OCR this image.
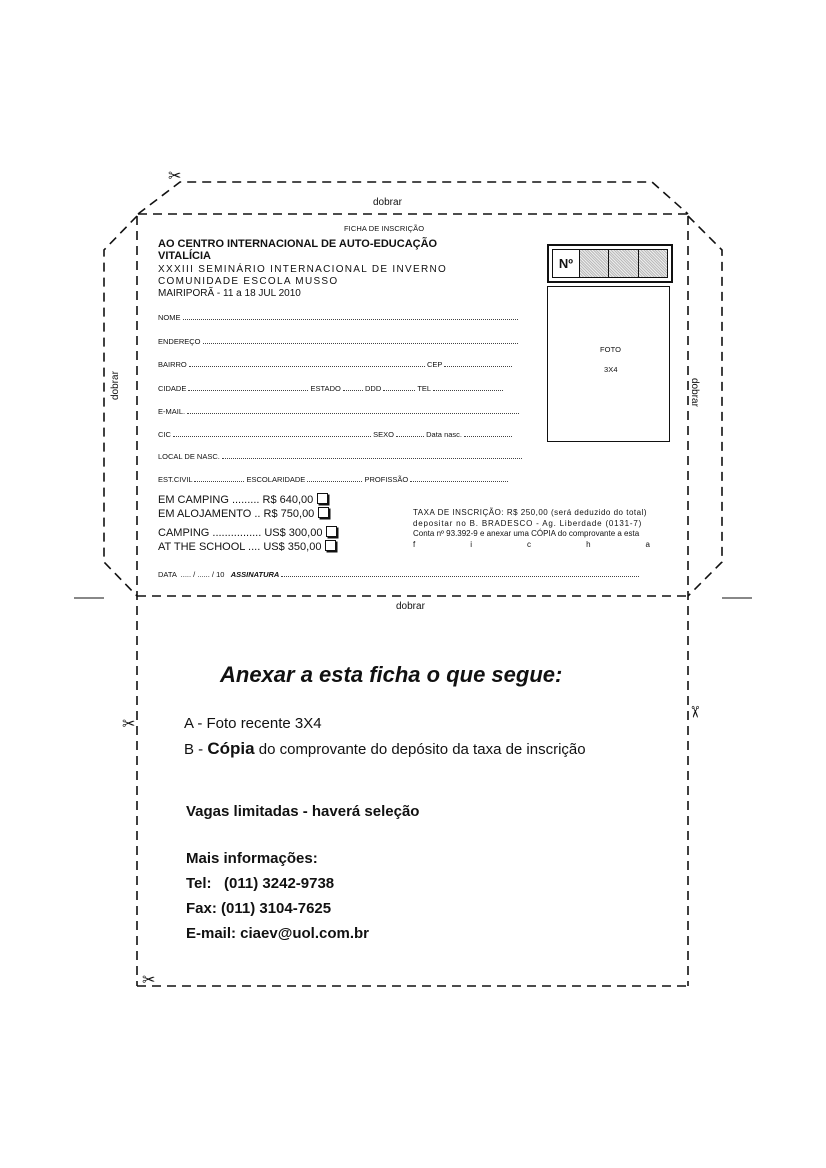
✂
✂
✂
✂
dobrar
dobrar
dobrar	dobrar
FICHA DE INSCRIÇÃO
AO CENTRO INTERNACIONAL DE AUTO-EDUCAÇÃO
VITALÍCIA
XXXIII SEMINÁRIO INTERNACIONAL DE INVERNO
COMUNIDADE ESCOLA MUSSO
MAIRIPORÃ - 11 a 18 JUL 2010
Nº
FOTO
3X4
NOME
ENDEREÇO
BAIRRO	CEP
CIDADE	ESTADO	DDD	TEL
E-MAIL.
CIC	SEXO	Data nasc.
LOCAL DE NASC.
EST.CIVIL	ESCOLARIDADE	PROFISSÃO
EM CAMPING ......... R$ 640,00
EM ALOJAMENTO .. R$ 750,00
CAMPING ................ US$ 300,00
AT THE SCHOOL .... US$ 350,00
TAXA DE INSCRIÇÃO: R$ 250,00 (será deduzido do total)
depositar no B. BRADESCO - Ag. Liberdade (0131-7)
Conta nº 93.392-9 e anexar uma CÓPIA do comprovante a esta
f	i	c	h	a
DATA ..... / ...... / 10 ASSINATURA
Anexar a esta ficha o que segue:
A - Foto recente 3X4
B - Cópia do comprovante do depósito da taxa de inscrição
Vagas limitadas - haverá seleção
Mais informações:
Tel:   (011) 3242-9738
Fax: (011) 3104-7625
E-mail: ciaev@uol.com.br
